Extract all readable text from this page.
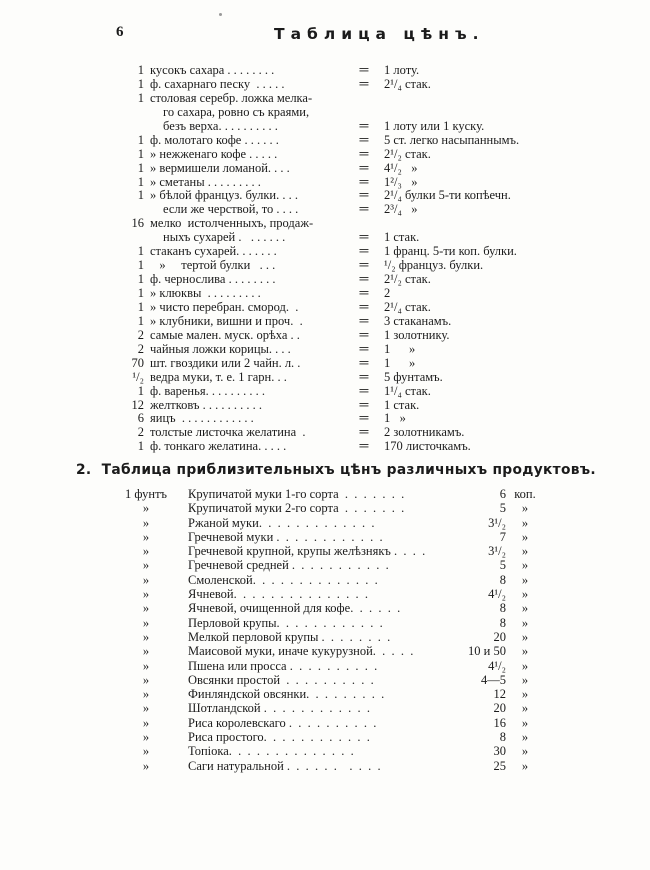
6	Таблица цѣнъ.
1 кусокъ сахара . . . . . . . .	=	1 лоту.
1 ф. сахарнаго песку  . . . . .	=	2¹/₄ стак.
1 столовая серебр. ложка мелка-
го сахара, ровно съ краями,
безъ верха. . . . . . . . . .	=	1 лоту или 1 куску.
1 ф. молотаго кофе . . . . . .	=	5 ст. легко насыпаннымъ.
1 » нежженаго кофе . . . . .	=	2¹/₂ стак.
1 » вермишели ломаной. . . .	=	4¹/₂   »
1 » сметаны . . . . . . . . .	=	1²/₃   »
1 » бѣлой француз. булки. . . .	=	2¹/₄ булки 5-ти копѣечн.
если же черствой, то . . . .	=	2³/₄   »
16 мелко  истолченныхъ, продаж-
ныхъ сухарей .   . . . . . .	=	1 стак.
1 стаканъ сухарей. . . . . . .	=	1 франц. 5-ти коп. булки.
1 »     тертой булки   . . .	=	¹/₂ француз. булки.
1 ф. чернослива . . . . . . . .	=	2¹/₂ стак.
1 » клюквы  . . . . . . . . .	=	2
1 » чисто перебран. смород.  .	=	2¹/₄ стак.
1 » клубники, вишни и проч.  .	=	3 стаканамъ.
2 самые мален. муск. орѣха . .	=	1 золотнику.
2 чайныя ложки корицы. . . .	=	1      »
70 шт. гвоздики или 2 чайн. л. .	=	1      »
¹/₂ ведра муки, т. е. 1 гарн. . .	=	5 фунтамъ.
1 ф. варенья. . . . . . . . . .	=	1¹/₄ стак.
12 желтковъ . . . . . . . . . .	=	1 стак.
6 яицъ  . . . . . . . . . . . .	=	1   »
2 толстые листочка желатина  .	=	2 золотникамъ.
1 ф. тонкаго желатина. . . . .	=	170 листочкамъ.
2.  Таблица приблизительныхъ цѣнъ различныхъ продуктовъ.
1 фунтъ	Крупичатой муки 1-го сорта  .  .  .  .  .  .  .	6 коп.
»	Крупичатой муки 2-го сорта  .  .  .  .  .  .  .	5	»
»	Ржаной муки.  .  .  .  .  .  .  .  .  .  .  .  .	3¹/₂	»
»	Гречневой муки .  .  .  .  .  .  .  .  .  .  .  .	7	»
»	Гречневой крупной, крупы желѣзнякъ .  .  .  .	3¹/₂	»
»	Гречневой средней .  .  .  .  .  .  .  .  .  .  .	5	»
»	Смоленской.  .  .  .  .  .  .  .  .  .  .  .  .  .	8	»
»	Ячневой.  .  .  .  .  .  .  .  .  .  .  .  .  .  .	4¹/₂	»
»	Ячневой, очищенной для кофе.  .  .  .  .  .	8	»
»	Перловой крупы.  .  .  .  .  .  .  .  .  .  .  .	8	»
»	Мелкой перловой крупы .  .  .  .  .  .  .  .	20	»
»	Маисовой муки, иначе кукурузной.  .  .  .  .	10 и 50	»
»	Пшена или просса .  .  .  .  .  .  .  .  .  .	4¹/₂	»
»	Овсянки простой  .  .  .  .  .  .  .  .  .  .	4—5	»
»	Финляндской овсянки.  .  .  .  .  .  .  .  .	12	»
»	Шотландской .  .  .  .  .  .  .  .  .  .  .  .	20	»
»	Риса королевскаго .  .  .  .  .  .  .  .  .  .	16	»
»	Риса простого.  .  .  .  .  .  .  .  .  .  .  .	8	»
»	Топіока.  .  .  .  .  .  .  .  .  .  .  .  .  .	30	»
»	Саги натуральной .  .  .  .  .  .    .  .  .  .	25	»
